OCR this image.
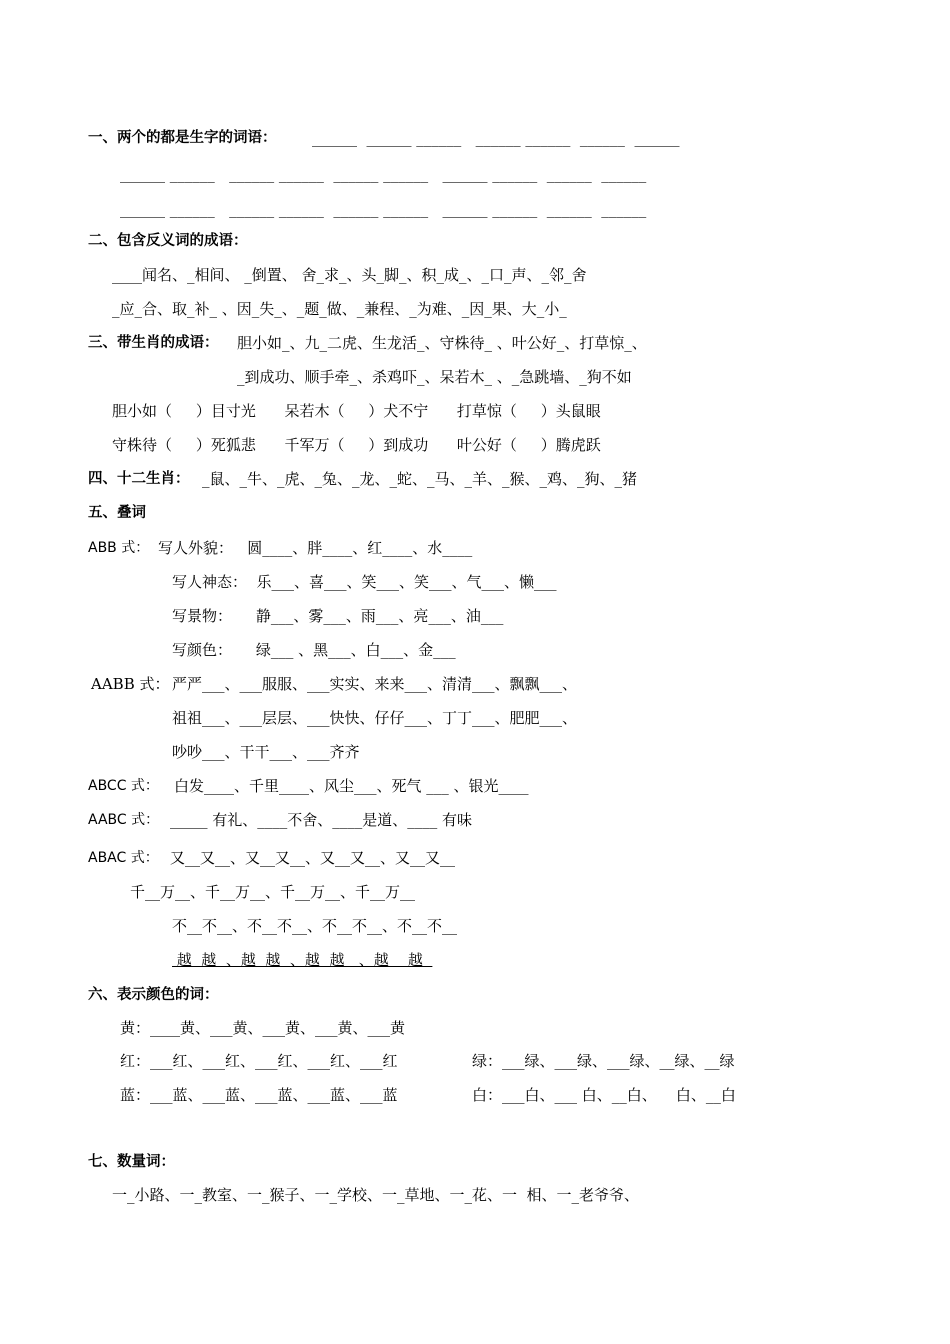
一、两个的都是生字的词语： ______  ______ ______   ______ ______  ______  ______
______ ______   ______ ______  ______ ______   ______ ______  ______  ______
______ ______   ______ ______  ______ ______   ______ ______  ______  ______
二、包含反义词的成语：
____闻名、_相间、 _倒置、 舍_求_、头_脚_、积_成_、_口_声、_邻_舍
_应_合、取_补_ 、因_失_、_题_做、_兼程、_为难、_因_果、大_小_
三、带生肖的成语： 胆小如_、九_二虎、生龙活_、守株待_ 、叶公好_、打草惊_、
_到成功、顺手牵_、杀鸡吓_、呆若木_ 、_急跳墙、_狗不如
胆小如（     ）目寸光      呆若木（     ）犬不宁      打草惊（     ）头鼠眼
守株待（     ）死狐悲      千军万（     ）到成功      叶公好（     ）腾虎跃
四、十二生肖： _鼠、_牛、_虎、_兔、_龙、_蛇、_马、_羊、_猴、_鸡、_狗、_猪
五、叠词
ABB 式： 写人外貌：   圆____、胖____、红____、水____
写人神态：  乐___、喜___、笑___、笑___、气___、懒___
写景物：     静___、雾___、雨___、亮___、油___
写颜色：     绿___ 、黑___、白___、金___
AABB 式： 严严___、___服服、___实实、来来___、清清___、飘飘___、
祖祖___、___层层、___快快、仔仔___、丁丁___、肥肥___、
吵吵___、干干___、___齐齐
ABCC 式： 白发____、千里____、风尘___、死气 ___ 、银光____
AABC 式： _____ 有礼、____不舍、____是道、____ 有味
ABAC 式： 又__又__、又__又__、又__又__、又__又__
千__万__、千__万__、千__万__、千__万__
不__不__、不__不__、不__不__、不__不__
越  越  、越  越  、越  越   、越    越
六、表示颜色的词：
黄：____黄、___黄、___黄、___黄、___黄
红：___红、___红、___红、___红、___红	绿：___绿、___绿、___绿、__绿、__绿
蓝：___蓝、___蓝、___蓝、___蓝、___蓝	白：___白、___ 白、__白、    白、__白
七、数量词：
一_小路、一_教室、一_猴子、一_学校、一_草地、一_花、一  相、一_老爷爷、
